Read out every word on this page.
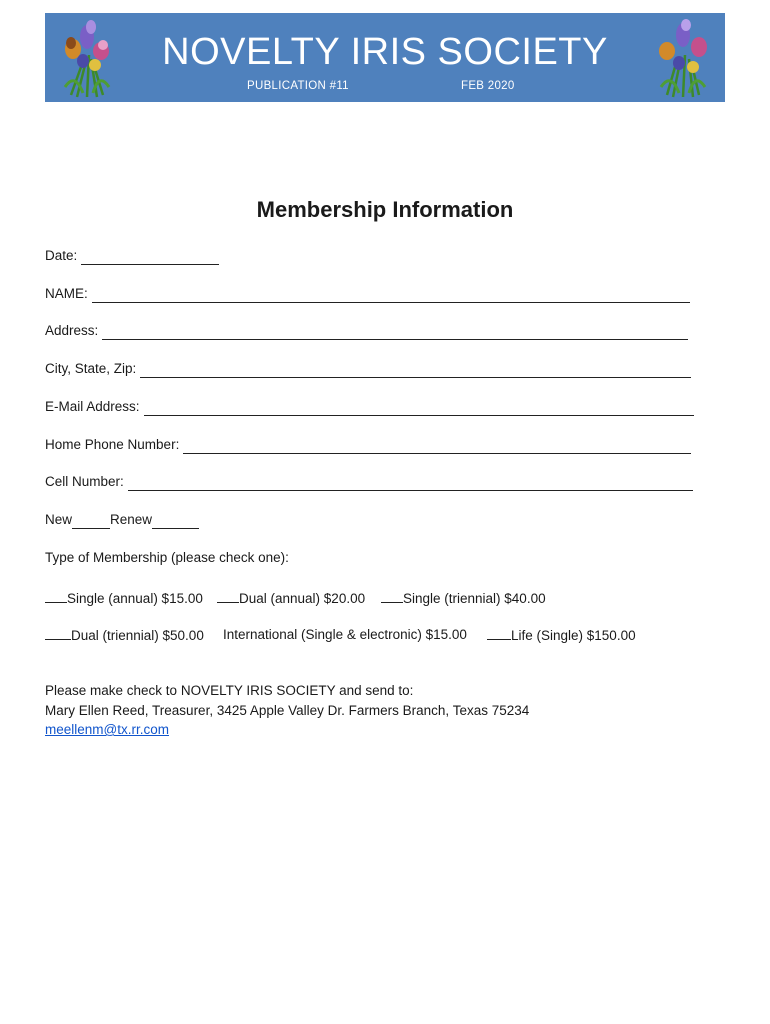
NOVELTY IRIS SOCIETY
PUBLICATION #11	FEB 2020
Membership Information
Date:
NAME:
Address:
City, State, Zip:
E-Mail Address:
Home Phone Number:
Cell Number:
New	Renew
Type of Membership (please check one):
Single (annual) $15.00	Dual (annual) $20.00	Single (triennial) $40.00
Dual (triennial) $50.00 International (Single & electronic) $15.00	Life (Single) $150.00
Please make check to NOVELTY IRIS SOCIETY and send to:
Mary Ellen Reed, Treasurer, 3425 Apple Valley Dr. Farmers Branch, Texas 75234
meellenm@tx.rr.com
